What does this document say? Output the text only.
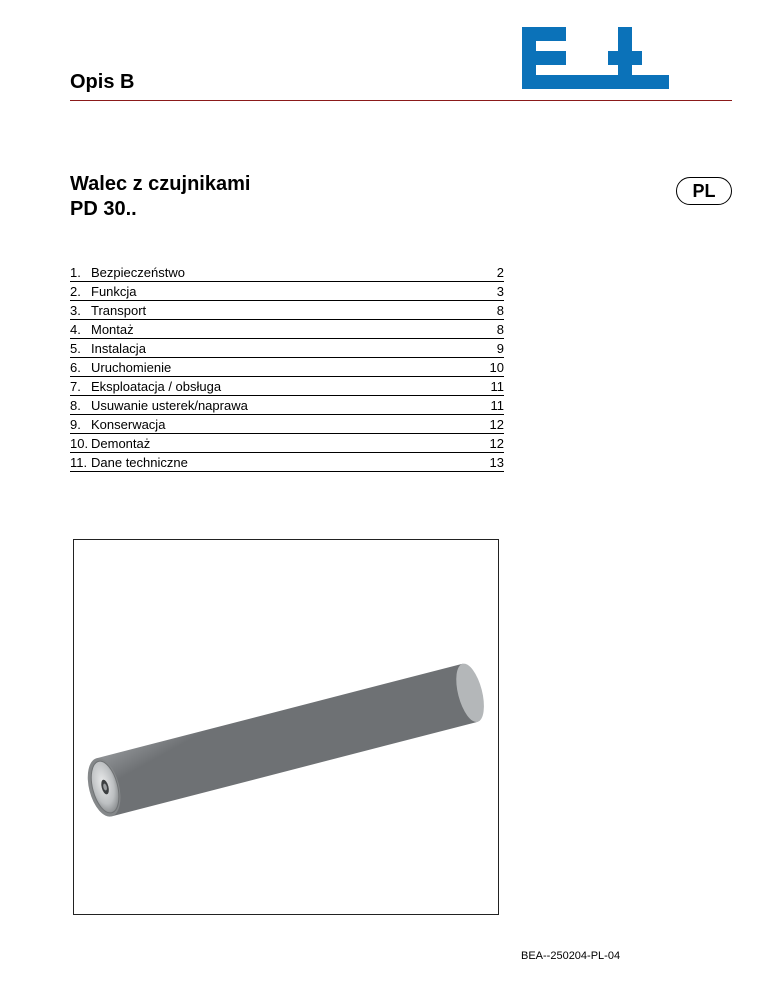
Opis B
Walec z czujnikami
PD 30..
PL
1. Bezpieczeństwo	2
2. Funkcja	3
3. Transport	8
4. Montaż	8
5. Instalacja	9
6. Uruchomienie	10
7. Eksploatacja / obsługa	11
8. Usuwanie usterek/naprawa	11
9. Konserwacja	12
10. Demontaż	12
11. Dane techniczne	13
BEA--250204-PL-04
